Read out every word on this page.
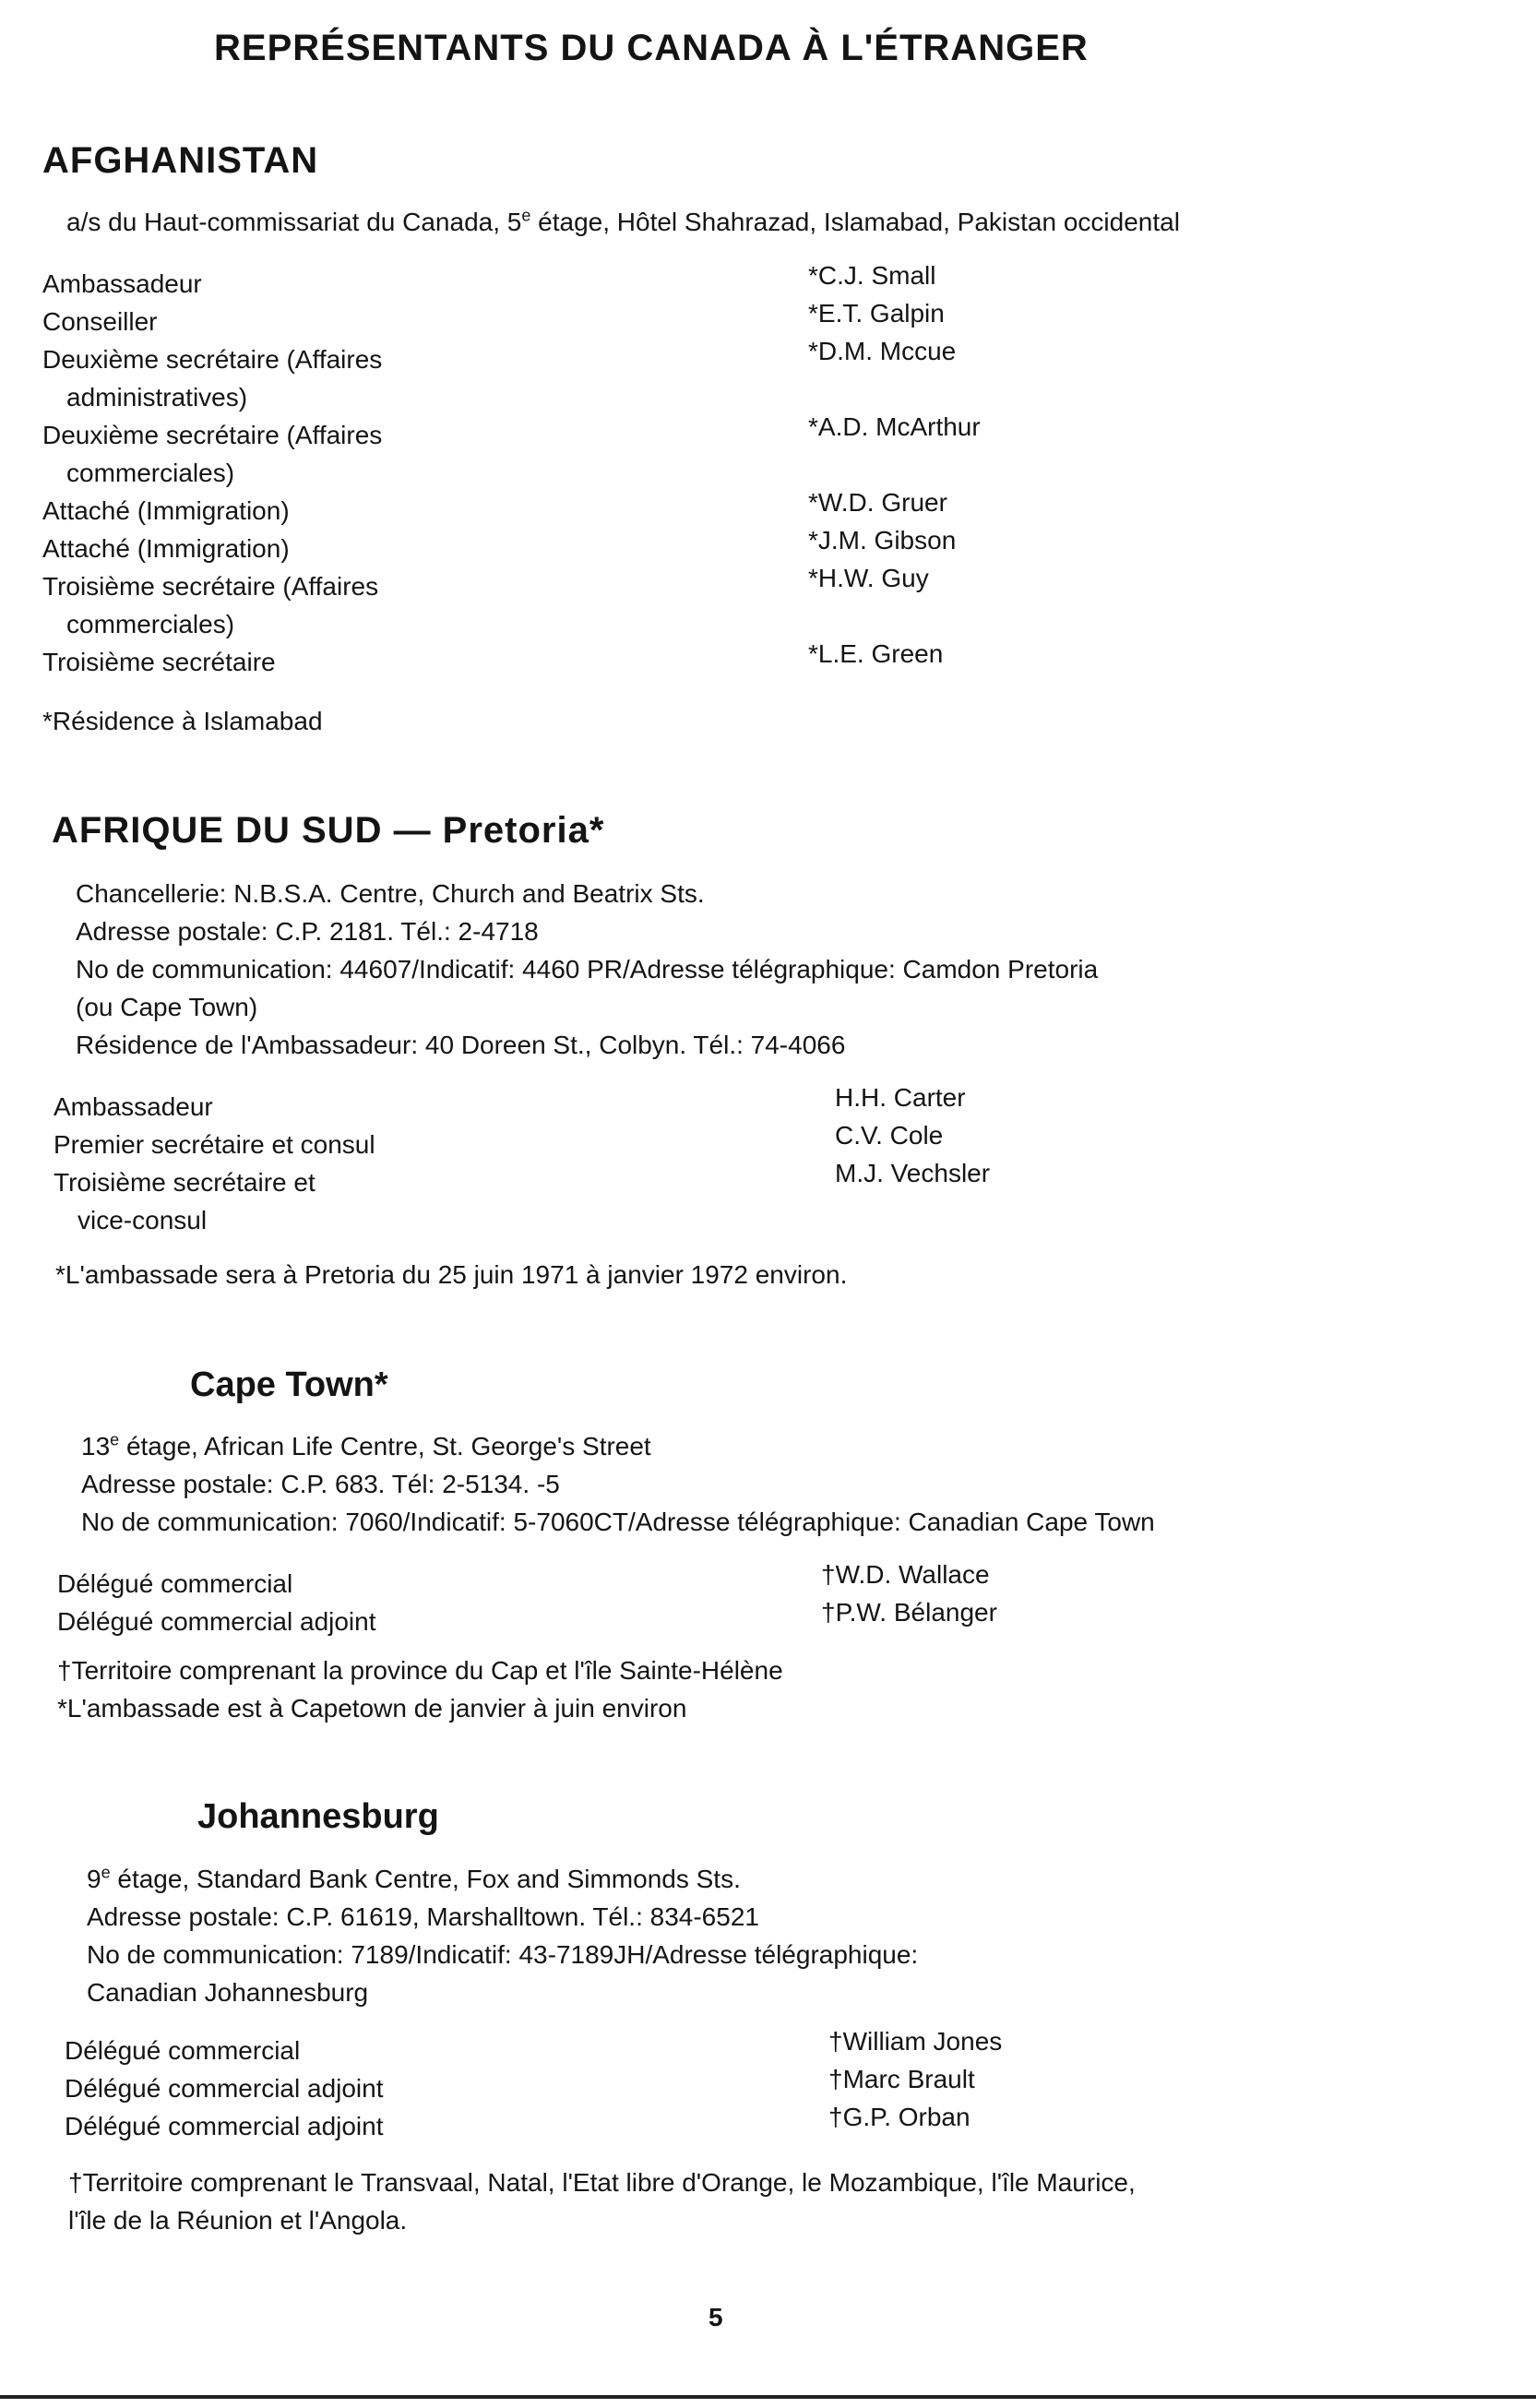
REPRÉSENTANTS DU CANADA À L'ÉTRANGER
AFGHANISTAN
a/s du Haut-commissariat du Canada, 5e étage, Hôtel Shahrazad, Islamabad, Pakistan occidental
Ambassadeur
Conseiller
Deuxième secrétaire (Affaires
administratives)
Deuxième secrétaire (Affaires
commerciales)
Attaché (Immigration)
Attaché (Immigration)
Troisième secrétaire (Affaires
commerciales)
Troisième secrétaire
*C.J. Small
*E.T. Galpin
*D.M. Mccue
*A.D. McArthur
*W.D. Gruer
*J.M. Gibson
*H.W. Guy
*L.E. Green
*Résidence à Islamabad
AFRIQUE DU SUD — Pretoria*
Chancellerie: N.B.S.A. Centre, Church and Beatrix Sts.
Adresse postale: C.P. 2181. Tél.: 2-4718
No de communication: 44607/Indicatif: 4460 PR/Adresse télégraphique: Camdon Pretoria
(ou Cape Town)
Résidence de l'Ambassadeur: 40 Doreen St., Colbyn. Tél.: 74-4066
Ambassadeur
Premier secrétaire et consul
Troisième secrétaire et
vice-consul
H.H. Carter
C.V. Cole
M.J. Vechsler
*L'ambassade sera à Pretoria du 25 juin 1971 à janvier 1972 environ.
Cape Town*
13e étage, African Life Centre, St. George's Street
Adresse postale: C.P. 683. Tél: 2-5134. -5
No de communication: 7060/Indicatif: 5-7060CT/Adresse télégraphique: Canadian Cape Town
Délégué commercial
Délégué commercial adjoint
†W.D. Wallace
†P.W. Bélanger
†Territoire comprenant la province du Cap et l'île Sainte-Hélène
*L'ambassade est à Capetown de janvier à juin environ
Johannesburg
9e étage, Standard Bank Centre, Fox and Simmonds Sts.
Adresse postale: C.P. 61619, Marshalltown. Tél.: 834-6521
No de communication: 7189/Indicatif: 43-7189JH/Adresse télégraphique:
Canadian Johannesburg
Délégué commercial
Délégué commercial adjoint
Délégué commercial adjoint
†William Jones
†Marc Brault
†G.P. Orban
†Territoire comprenant le Transvaal, Natal, l'Etat libre d'Orange, le Mozambique, l'île Maurice,
l'île de la Réunion et l'Angola.
5
